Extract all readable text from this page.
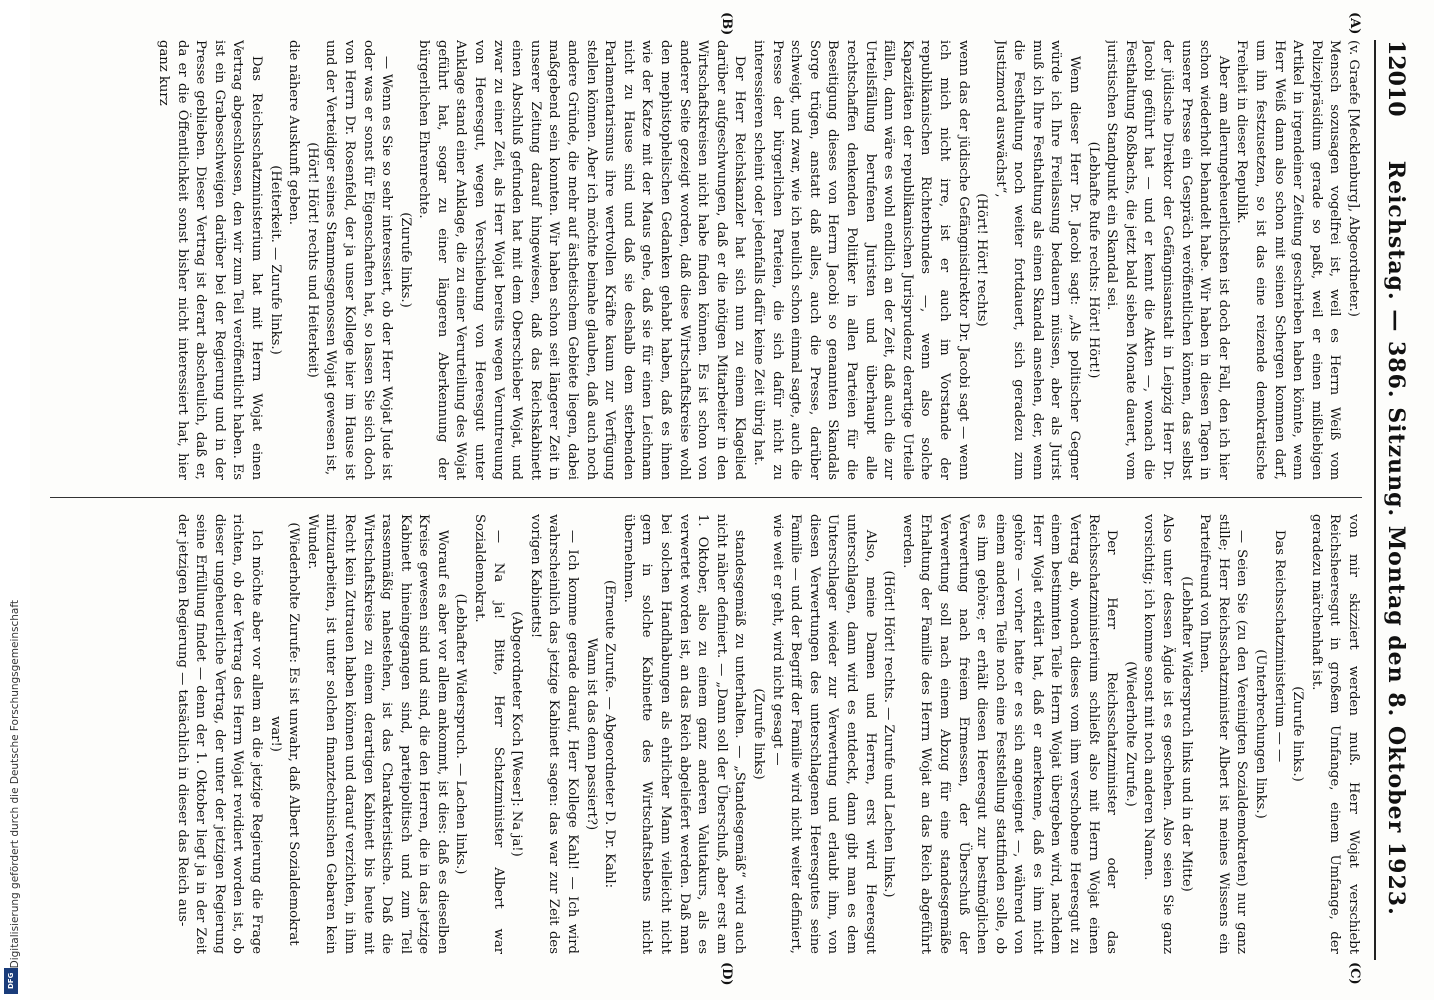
12010
Reichstag. — 386. Sitzung. Montag den 8. Oktober 1923.
(A)
(B)
(C)
(D)

(v. Graefe [Mecklenburg], Abgeordneter.)

Mensch sozusagen vogelfrei ist, weil es Herrn Weiß vom Polizeipräsidium gerade so paßt, weil er einen mißliebigen Artikel in irgendeiner Zeitung geschrieben haben könnte, wenn Herr Weiß dann also schon mit seinen Schergen kommen darf, um ihn festzusetzen, so ist das eine reizende demokratische Freiheit in dieser Republik.

Aber am allerungeheuerlichsten ist doch der Fall, den ich hier schon wiederholt behandelt habe. Wir haben in diesen Tagen in unserer Presse ein Gespräch veröffentlichen können, das selbst der jüdische Direktor der Gefängnisanstalt in Leipzig Herr Dr. Jacobi geführt hat — und er kennt die Akten —, wonach die Festhaltung Roßbachs, die jetzt bald sieben Monate dauert, vom juristischen Standpunkt ein Skandal sei.

(Lebhafte Rufe rechts: Hört! Hört!)

Wenn dieser Herr Dr. Jacobi sagt: „Als politischer Gegner würde ich Ihre Freilassung bedauern müssen, aber als Jurist muß ich Ihre Festhaltung als einen Skandal ansehen, der, wenn die Festhaltung noch weiter fortdauert, sich geradezu zum Justizmord auswächst“,

(Hört! Hört! rechts)

wenn das der jüdische Gefängnisdirektor Dr. Jacobi sagt — wenn ich mich nicht irre, ist er auch im Vorstande der republikanischen Richterbundes —, wenn also solche Kapazitäten der republikanischen Jurisprudenz derartige Urteile fällen, dann wäre es wohl endlich an der Zeit, daß auch die zur Urteilsfällung berufenen Juristen und überhaupt alle rechtschaffen denkenden Politiker in allen Parteien für die Beseitigung dieses von Herrn Jacobi so genannten Skandals Sorge trügen, anstatt daß alles, auch die Presse, darüber schweigt, und zwar, wie ich neulich schon einmal sagte, auch die Presse der bürgerlichen Parteien, die sich dafür nicht zu interessieren scheint oder jedenfalls dafür keine Zeit übrig hat.

Der Herr Reichskanzler hat sich nun zu einem Klagelied darüber aufgeschwungen, daß er die nötigen Mitarbeiter in den Wirtschaftskreisen nicht habe finden können. Es ist schon von anderer Seite gezeigt worden, daß diese Wirtschaftskreise wohl den mephistophelischen Gedanken gehabt haben, daß es ihnen wie der Katze mit der Maus gehe, daß sie für einen Leichnam nicht zu Hause sind und daß sie deshalb dem sterbenden Parlamentarismus ihre wertvollen Kräfte kaum zur Verfügung stellen können. Aber ich möchte beinahe glauben, daß auch noch andere Gründe, die mehr auf ästhetischem Gebiete liegen, dabei maßgebend sein konnten. Wir haben schon seit längerer Zeit in unserer Zeitung darauf hingewiesen, daß das Reichskabinett einen Abschluß gefunden hat mit dem Oberschieber Wojat, und zwar zu einer Zeit, als Herr Wojat bereits wegen Veruntreuung von Heeresgut, wegen Verschiebung von Heeresgut unter Anklage stand einer Anklage, die zu einer Verurteilung des Wojat geführt hat, sogar zu einer längeren Aberkennung der bürgerlichen Ehrenrechte.

(Zurufe links.)

— Wenn es Sie so sehr interessiert, ob der Herr Wojat Jude ist oder was er sonst für Eigenschaften hat, so lassen Sie sich doch von Herrn Dr. Rosenfeld, der ja unser Kollege hier im Hause ist und der Verteidiger seines Stammesgenossen Wojat gewesen ist,

(Hört! Hört! rechts und Heiterkeit)

die nähere Auskunft geben.

(Heiterkeit. — Zurufe links.)

Das Reichsschatzministerium hat mit Herrn Wojat einen Vertrag abgeschlossen, den wir zum Teil veröffentlicht haben. Es ist ein Grabesschweigen darüber bei der Regierung und in der Presse geblieben. Dieser Vertrag ist derart abscheulich, daß er, da er die Öffentlichkeit sonst bisher nicht interessiert hat, hier ganz kurz

von mir skizziert werden muß. Herr Wojat verschiebt Reichsheeresgut in großem Umfange, einem Umfange, der geradezu märchenhaft ist.

(Zurufe links.)

Das Reichsschatzministerium — —

(Unterbrechungen links.)

— Seien Sie (zu den Vereinigten Sozialdemokraten) nur ganz stille; Herr Reichsschatzminister Albert ist meines Wissens ein Parteifreund von Ihnen.

(Lebhafter Widerspruch links und in der Mitte)

Also unter dessen Ägide ist es geschehen. Also seien Sie ganz vorsichtig; ich komme sonst mit noch anderen Namen.

(Wiederholte Zurufe.)

Der Herr Reichsschatzminister oder das Reichsschatzministerium schließt also mit Herrn Wojat einen Vertrag ab, wonach dieses vom ihm verschobene Heeresgut zu einem bestimmten Teile Herrn Wojat übergeben wird, nachdem Herr Wojat erklärt hat, daß er anerkenne, daß es ihm nicht gehöre — vorher hatte er es sich angeeignet —, während von einem anderen Teile noch eine Feststellung stattfinden solle, ob es ihm gehöre; er erhält diesen Heeresgut zur bestmöglichen Verwertung nach freiem Ermessen, der Überschuß der Verwertung soll nach einem Abzug für eine standesgemäße Erhaltung der Familie des Herrn Wojat an das Reich abgeführt werden.

(Hört! Hört! rechts. — Zurufe und Lachen links.)

Also, meine Damen und Herren, erst wird Heeresgut unterschlagen, dann wird es entdeckt, dann gibt man es dem Unterschlager wieder zur Verwertung und erlaubt ihm, von diesen Verwertungen des unterschlagenen Heeresgutes seine Familie — und der Begriff der Familie wird nicht weiter definiert, wie weit er geht, wird nicht gesagt —

(Zurufe links)

standesgemäß zu unterhalten. — „Standesgemäß“ wird auch nicht näher definiert. — „Dann soll der Überschuß, aber erst am 1. Oktober, also zu einem ganz anderen Valutakurs, als es verwertet worden ist, an das Reich abgeliefert werden. Daß man bei solchen Handhabungen als ehrlicher Mann vielleicht nicht gern in solche Kabinette des Wirtschaftslebens nicht übernehmen.

(Erneute Zurufe. — Abgeordneter D. Dr. Kahl:

Wann ist das denn passiert?)

— Ich komme gerade darauf, Herr Kollege Kahl! — Ich wird wahrscheinlich das jetzige Kabinett sagen: das war zur Zeit des vorigen Kabinetts!

(Abgeordneter Koch [Weser]: Na ja!)

— Na ja! Bitte, Herr Schatzminister Albert war Sozialdemokrat.

(Lebhafter Widerspruch. — Lachen links.)

Worauf es aber vor allem ankommt, ist dies: daß es dieselben Kreise gewesen sind und sind, die den Herren, die in das jetzige Kabinett hineingegangen sind, parteipolitisch und zum Teil rassenmäßig nahestehen, ist das Charakteristische. Daß die Wirtschaftskreise zu einem derartigen Kabinett bis heute mit Recht kein Zutrauen haben können und darauf verzichten, in ihm mitzuarbeiten, ist unter solchen finanztechnischen Gebaren kein Wunder.

(Wiederholte Zurufe: Es ist unwahr, daß Albert Sozialdemokrat war!)

Ich möchte aber vor allem an die jetzige Regierung die Frage richten, ob der Vertrag des Herrn Wojat revidiert worden ist, ob dieser ungeheuerliche Vertrag, der unter der jetzigen Regierung seine Erfüllung findet — denn der 1. Oktober liegt ja in der Zeit der jetzigen Regierung — tatsächlich in dieser das Reich aus-

Digitalisierung gefördert durch die Deutsche Forschungsgemeinschaft
DFG
